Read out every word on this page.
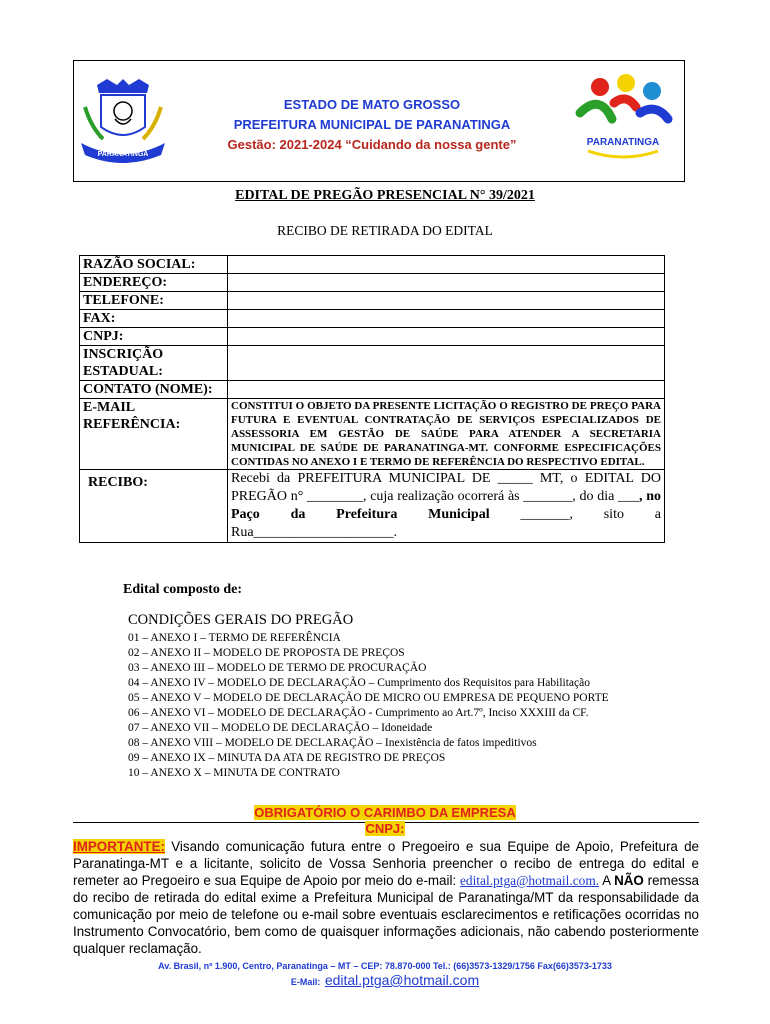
PARANATINGA
ESTADO DE MATO GROSSO
PREFEITURA MUNICIPAL DE PARANATINGA
Gestão: 2021-2024 “Cuidando da nossa gente”	PARANATINGA
EDITAL DE PREGÃO PRESENCIAL N° 39/2021
RECIBO DE RETIRADA DO EDITAL
RAZÃO SOCIAL:	
ENDEREÇO:	
TELEFONE:	
FAX:	
CNPJ:	
INSCRIÇÃO ESTADUAL:	
CONTATO (NOME):	

E-MAIL
REFERÊNCIA:	CONSTITUI O OBJETO DA PRESENTE LICITAÇÃO O REGISTRO DE PREÇO PARA FUTURA E EVENTUAL CONTRATAÇÃO DE SERVIÇOS ESPECIALIZADOS DE ASSESSORIA EM GESTÃO DE SAÚDE PARA ATENDER A SECRETARIA MUNICIPAL DE SAÚDE DE PARANATINGA-MT. CONFORME ESPECIFICAÇÕES CONTIDAS NO ANEXO I E TERMO DE REFERÊNCIA DO RESPECTIVO EDITAL.
RECIBO:	Recebi da PREFEITURA MUNICIPAL DE _____ MT, o EDITAL DO PREGÃO n° ________, cuja realização ocorrerá às _______, do dia ___, no Paço da Prefeitura Municipal _______, sito a Rua____________________.
Edital composto de:
CONDIÇÕES GERAIS DO PREGÃO
01 – ANEXO I – TERMO DE REFERÊNCIA
02 – ANEXO II – MODELO DE PROPOSTA DE PREÇOS
03 – ANEXO III – MODELO DE TERMO DE PROCURAÇÃO
04 – ANEXO IV – MODELO DE DECLARAÇÃO – Cumprimento dos Requisitos para Habilitação
05 – ANEXO V – MODELO DE DECLARAÇÃO DE MICRO OU EMPRESA DE PEQUENO PORTE
06 – ANEXO VI – MODELO DE DECLARAÇÃO - Cumprimento ao Art.7º, Inciso XXXIII da CF.
07 – ANEXO VII – MODELO DE DECLARAÇÃO – Idoneidade
08 – ANEXO VIII – MODELO DE DECLARAÇÃO – Inexistência de fatos impeditivos
09 – ANEXO IX – MINUTA DA ATA DE REGISTRO DE PREÇOS
10 – ANEXO X – MINUTA DE CONTRATO
OBRIGATÓRIO O CARIMBO DA EMPRESA
CNPJ:
IMPORTANTE: Visando comunicação futura entre o Pregoeiro e sua Equipe de Apoio, Prefeitura de Paranatinga-MT e a licitante, solicito de Vossa Senhoria preencher o recibo de entrega do edital e remeter ao Pregoeiro e sua Equipe de Apoio por meio do e-mail: edital.ptga@hotmail.com. A NÃO remessa do recibo de retirada do edital exime a Prefeitura Municipal de Paranatinga/MT da responsabilidade da comunicação por meio de telefone ou e-mail sobre eventuais esclarecimentos e retificações ocorridas no Instrumento Convocatório, bem como de quaisquer informações adicionais, não cabendo posteriormente qualquer reclamação.
Av. Brasil, nº 1.900, Centro, Paranatinga – MT – CEP: 78.870-000 Tel.: (66)3573-1329/1756 Fax(66)3573-1733
E-Mail: edital.ptga@hotmail.com
